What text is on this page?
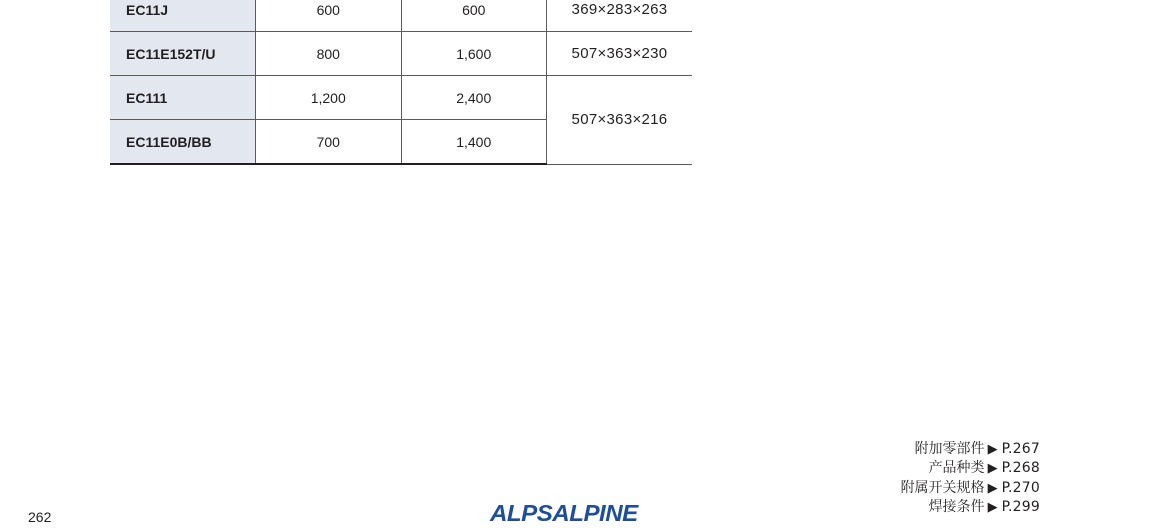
EC11J	600	600	369×283×263
EC11E152T/U	800	1,600	507×363×230
EC111	1,200	2,400	507×363×216
EC11E0B/BB	700	1,400	
附加零部件 ▶ P.267
产品种类 ▶ P.268
附属开关规格 ▶ P.270
焊接条件 ▶ P.299
262	ALPSALPINE
